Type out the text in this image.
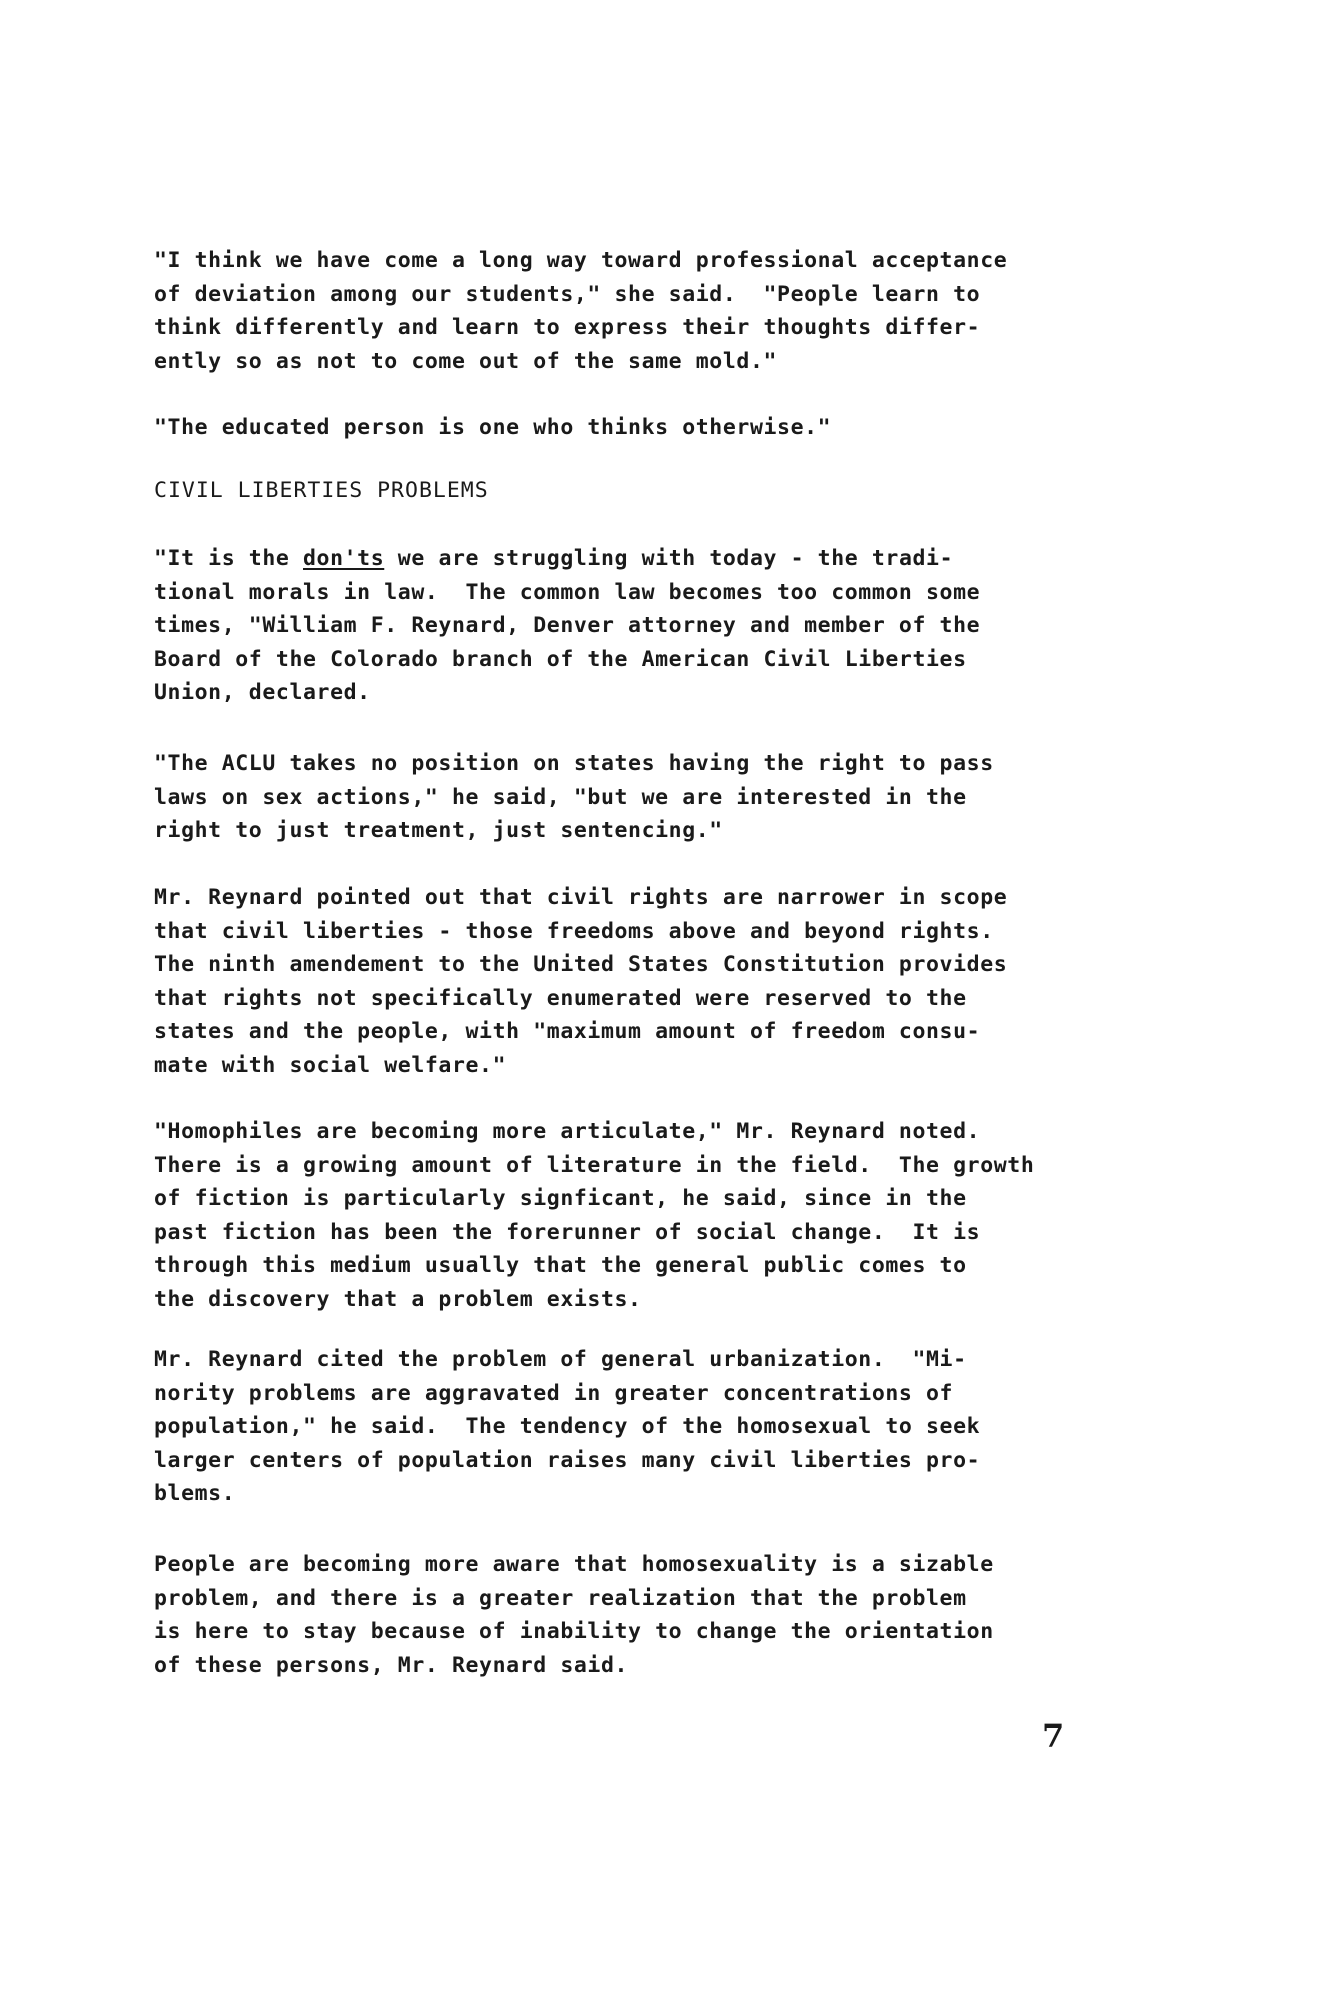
"I think we have come a long way toward professional acceptance
of deviation among our students," she said.  "People learn to
think differently and learn to express their thoughts differ-
ently so as not to come out of the same mold."
"The educated person is one who thinks otherwise."
CIVIL LIBERTIES PROBLEMS
"It is the don'ts we are struggling with today - the tradi-
tional morals in law.  The common law becomes too common some
times, "William F. Reynard, Denver attorney and member of the
Board of the Colorado branch of the American Civil Liberties
Union, declared.
"The ACLU takes no position on states having the right to pass
laws on sex actions," he said, "but we are interested in the
right to just treatment, just sentencing."
Mr. Reynard pointed out that civil rights are narrower in scope
that civil liberties - those freedoms above and beyond rights.
The ninth amendement to the United States Constitution provides
that rights not specifically enumerated were reserved to the
states and the people, with "maximum amount of freedom consu-
mate with social welfare."
"Homophiles are becoming more articulate," Mr. Reynard noted.
There is a growing amount of literature in the field.  The growth
of fiction is particularly signficant, he said, since in the
past fiction has been the forerunner of social change.  It is
through this medium usually that the general public comes to
the discovery that a problem exists.
Mr. Reynard cited the problem of general urbanization.  "Mi-
nority problems are aggravated in greater concentrations of
population," he said.  The tendency of the homosexual to seek
larger centers of population raises many civil liberties pro-
blems.
People are becoming more aware that homosexuality is a sizable
problem, and there is a greater realization that the problem
is here to stay because of inability to change the orientation
of these persons, Mr. Reynard said.
7
